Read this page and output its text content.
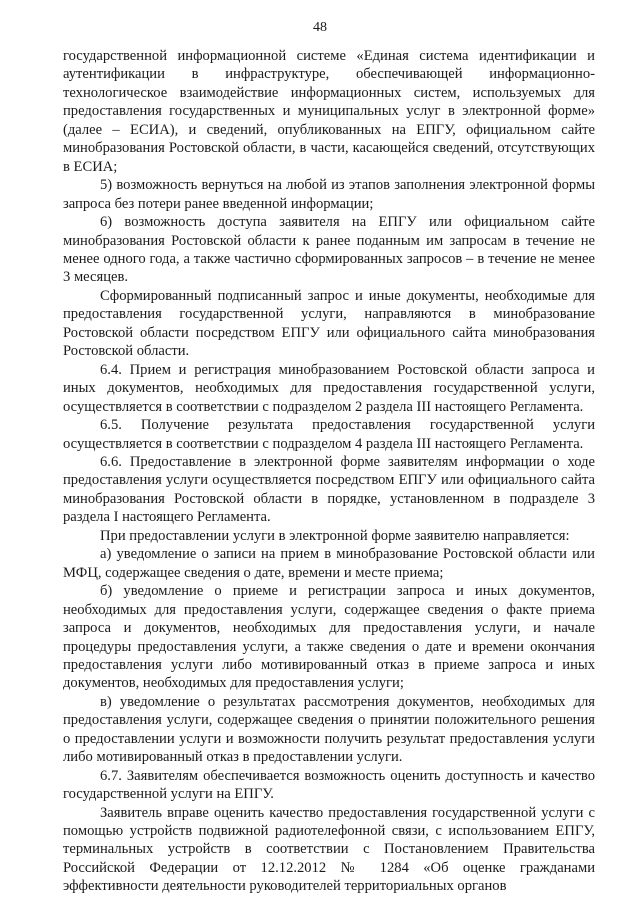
48

государственной информационной системе «Единая система идентификации и аутентификации в инфраструктуре, обеспечивающей информационно-технологическое взаимодействие информационных систем, используемых для предоставления государственных и муниципальных услуг в электронной форме» (далее – ЕСИА), и сведений, опубликованных на ЕПГУ, официальном сайте минобразования Ростовской области, в части, касающейся сведений, отсутствующих в ЕСИА;

5) возможность вернуться на любой из этапов заполнения электронной формы запроса без потери ранее введенной информации;

6) возможность доступа заявителя на ЕПГУ или официальном сайте минобразования Ростовской области к ранее поданным им запросам в течение не менее одного года, а также частично сформированных запросов – в течение не менее 3 месяцев.

Сформированный подписанный запрос и иные документы, необходимые для предоставления государственной услуги, направляются в минобразование Ростовской области посредством ЕПГУ или официального сайта минобразования Ростовской области.

6.4. Прием и регистрация минобразованием Ростовской области запроса и иных документов, необходимых для предоставления государственной услуги, осуществляется в соответствии с подразделом 2 раздела III настоящего Регламента.

6.5. Получение результата предоставления государственной услуги осуществляется в соответствии с подразделом 4 раздела III настоящего Регламента.

6.6. Предоставление в электронной форме заявителям информации о ходе предоставления услуги осуществляется посредством ЕПГУ или официального сайта минобразования Ростовской области в порядке, установленном в подразделе 3 раздела I настоящего Регламента.

При предоставлении услуги в электронной форме заявителю направляется:

а) уведомление о записи на прием в минобразование Ростовской области или МФЦ, содержащее сведения о дате, времени и месте приема;

б) уведомление о приеме и регистрации запроса и иных документов, необходимых для предоставления услуги, содержащее сведения о факте приема запроса и документов, необходимых для предоставления услуги, и начале процедуры предоставления услуги, а также сведения о дате и времени окончания предоставления услуги либо мотивированный отказ в приеме запроса и иных документов, необходимых для предоставления услуги;

в) уведомление о результатах рассмотрения документов, необходимых для предоставления услуги, содержащее сведения о принятии положительного решения о предоставлении услуги и возможности получить результат предоставления услуги либо мотивированный отказ в предоставлении услуги.

6.7. Заявителям обеспечивается возможность оценить доступность и качество государственной услуги на ЕПГУ.

Заявитель вправе оценить качество предоставления государственной услуги с помощью устройств подвижной радиотелефонной связи, с использованием ЕПГУ, терминальных устройств в соответствии с Постановлением Правительства Российской Федерации от 12.12.2012 № 1284 «Об оценке гражданами эффективности деятельности руководителей территориальных органов
